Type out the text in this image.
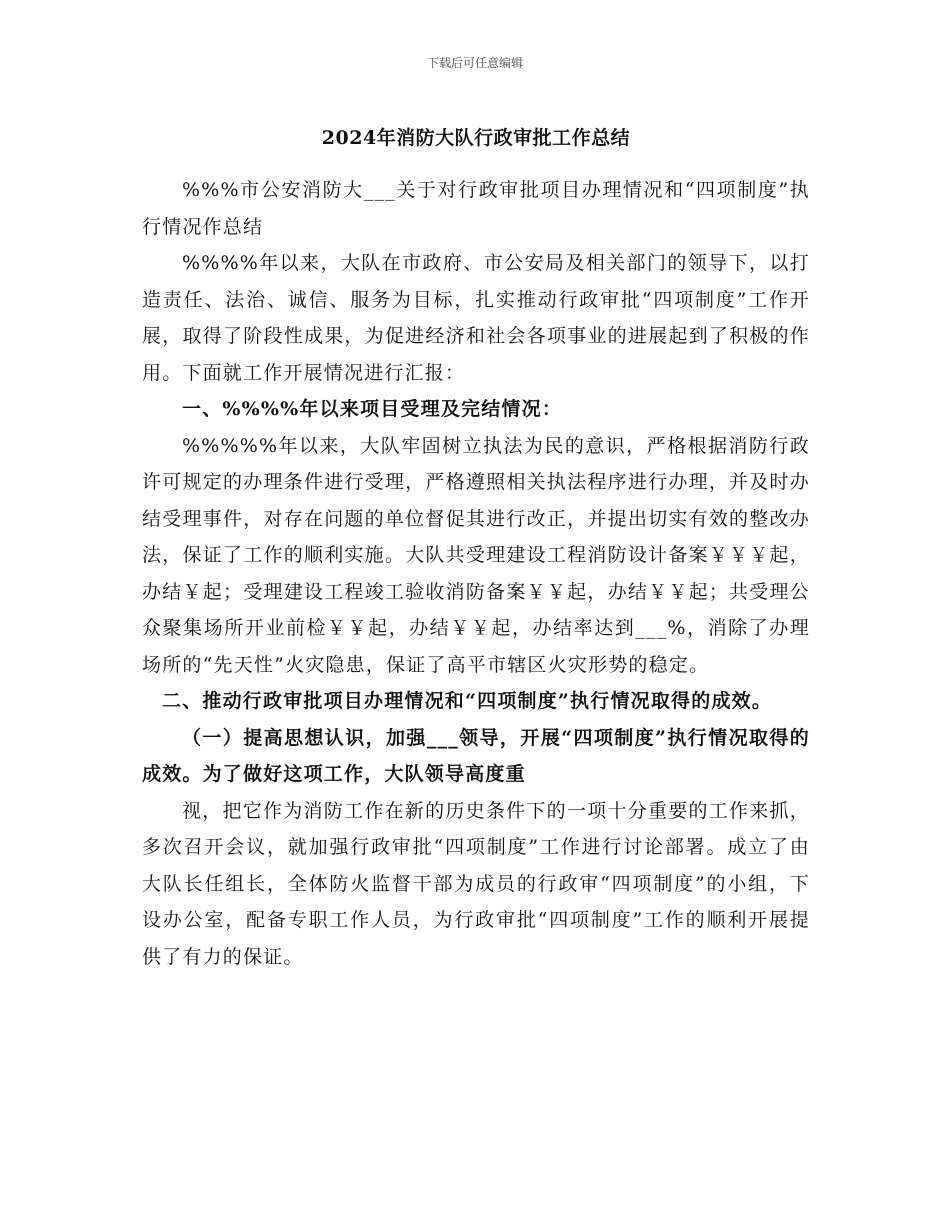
下载后可任意编辑
2024年消防大队行政审批工作总结

%%%市公安消防大___关于对行政审批项目办理情况和“四项制度”执行情况作总结

%%%%年以来，大队在市政府、市公安局及相关部门的领导下，以打造责任、法治、诚信、服务为目标，扎实推动行政审批“四项制度”工作开展，取得了阶段性成果，为促进经济和社会各项事业的进展起到了积极的作用。下面就工作开展情况进行汇报：

一、%%%%年以来项目受理及完结情况：

%%%%%年以来，大队牢固树立执法为民的意识，严格根据消防行政许可规定的办理条件进行受理，严格遵照相关执法程序进行办理，并及时办结受理事件，对存在问题的单位督促其进行改正，并提出切实有效的整改办法，保证了工作的顺利实施。大队共受理建设工程消防设计备案￥￥￥起，办结￥起；受理建设工程竣工验收消防备案￥￥起，办结￥￥起；共受理公众聚集场所开业前检￥￥起，办结￥￥起，办结率达到___%，消除了办理场所的“先天性”火灾隐患，保证了高平市辖区火灾形势的稳定。

二、推动行政审批项目办理情况和“四项制度”执行情况取得的成效。

（一）提高思想认识，加强___领导，开展“四项制度”执行情况取得的成效。为了做好这项工作，大队领导高度重

视，把它作为消防工作在新的历史条件下的一项十分重要的工作来抓，多次召开会议，就加强行政审批“四项制度”工作进行讨论部署。成立了由大队长任组长，全体防火监督干部为成员的行政审“四项制度”的小组，下设办公室，配备专职工作人员，为行政审批“四项制度”工作的顺利开展提供了有力的保证。
